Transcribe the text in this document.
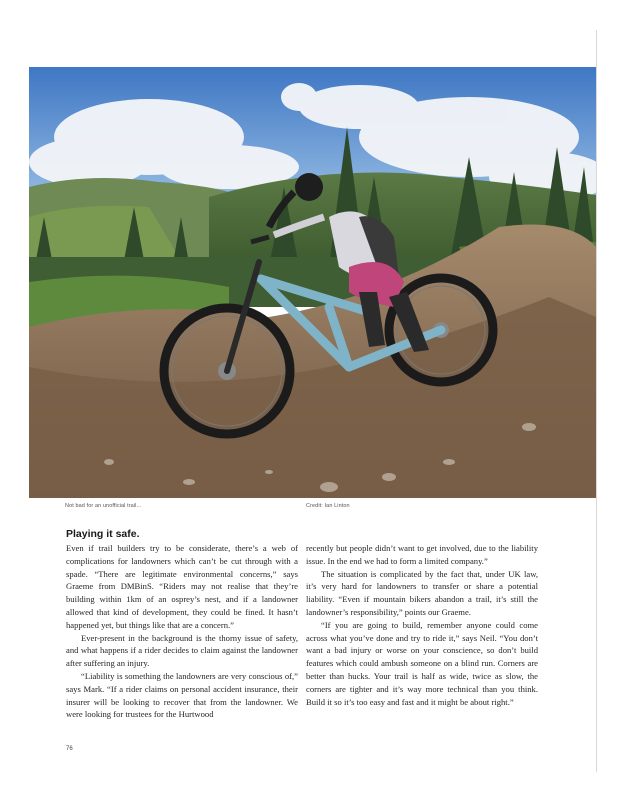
Not bad for an unofficial trail...	Credit: Ian Linton
Playing it safe.

Even if trail builders try to be considerate, there’s a web of complications for landowners which can’t be cut through with a spade. “There are legitimate environmental concerns,” says Graeme from DMBinS. “Riders may not realise that they’re building within 1km of an osprey’s nest, and if a landowner allowed that kind of development, they could be fined. It hasn’t happened yet, but things like that are a concern.”

Ever-present in the background is the thorny issue of safety, and what happens if a rider decides to claim against the landowner after suffering an injury.

“Liability is something the landowners are very conscious of,” says Mark. “If a rider claims on personal accident insurance, their insurer will be looking to recover that from the landowner. We were looking for trustees for the Hurtwood

recently but people didn’t want to get involved, due to the liability issue. In the end we had to form a limited company.”

The situation is complicated by the fact that, under UK law, it’s very hard for landowners to transfer or share a potential liability. “Even if mountain bikers abandon a trail, it’s still the landowner’s responsibility,” points our Graeme.

“If you are going to build, remember anyone could come across what you’ve done and try to ride it,” says Neil. “You don’t want a bad injury or worse on your conscience, so don’t build features which could ambush someone on a blind run. Corners are better than hucks. Your trail is half as wide, twice as slow, the corners are tighter and it’s way more technical than you think. Build it so it’s too easy and fast and it might be about right.”

76
